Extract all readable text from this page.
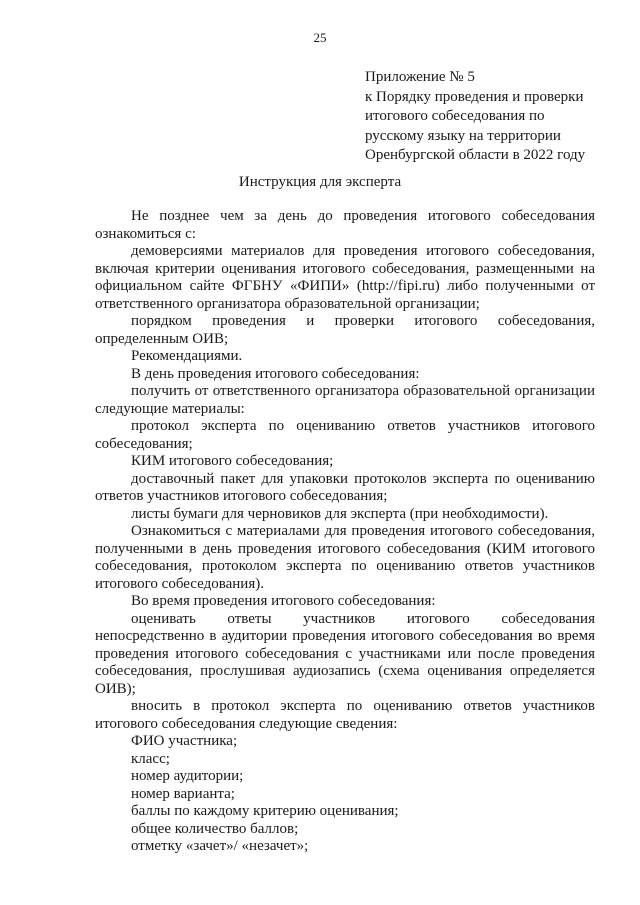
25
Приложение № 5
к Порядку проведения и проверки
итогового собеседования по
русскому языку на территории
Оренбургской области в 2022 году
Инструкция для эксперта

Не позднее чем за день до проведения итогового собеседования ознакомиться с:

демоверсиями материалов для проведения итогового собеседования, включая критерии оценивания итогового собеседования, размещенными на официальном сайте ФГБНУ «ФИПИ» (http://fipi.ru) либо полученными от ответственного организатора образовательной организации;

порядком проведения и проверки итогового собеседования, определенным ОИВ;

Рекомендациями.

В день проведения итогового собеседования:

получить от ответственного организатора образовательной организации следующие материалы:

протокол эксперта по оцениванию ответов участников итогового собеседования;

КИМ итогового собеседования;

доставочный пакет для упаковки протоколов эксперта по оцениванию ответов участников итогового собеседования;

листы бумаги для черновиков для эксперта (при необходимости).

Ознакомиться с материалами для проведения итогового собеседования, полученными в день проведения итогового собеседования (КИМ итогового собеседования, протоколом эксперта по оцениванию ответов участников итогового собеседования).

Во время проведения итогового собеседования:

оценивать ответы участников итогового собеседования непосредственно в аудитории проведения итогового собеседования во время проведения итогового собеседования с участниками или после проведения собеседования, прослушивая аудиозапись (схема оценивания определяется ОИВ);

вносить в протокол эксперта по оцениванию ответов участников итогового собеседования следующие сведения:

ФИО участника;

класс;

номер аудитории;

номер варианта;

баллы по каждому критерию оценивания;

общее количество баллов;

отметку «зачет»/ «незачет»;
